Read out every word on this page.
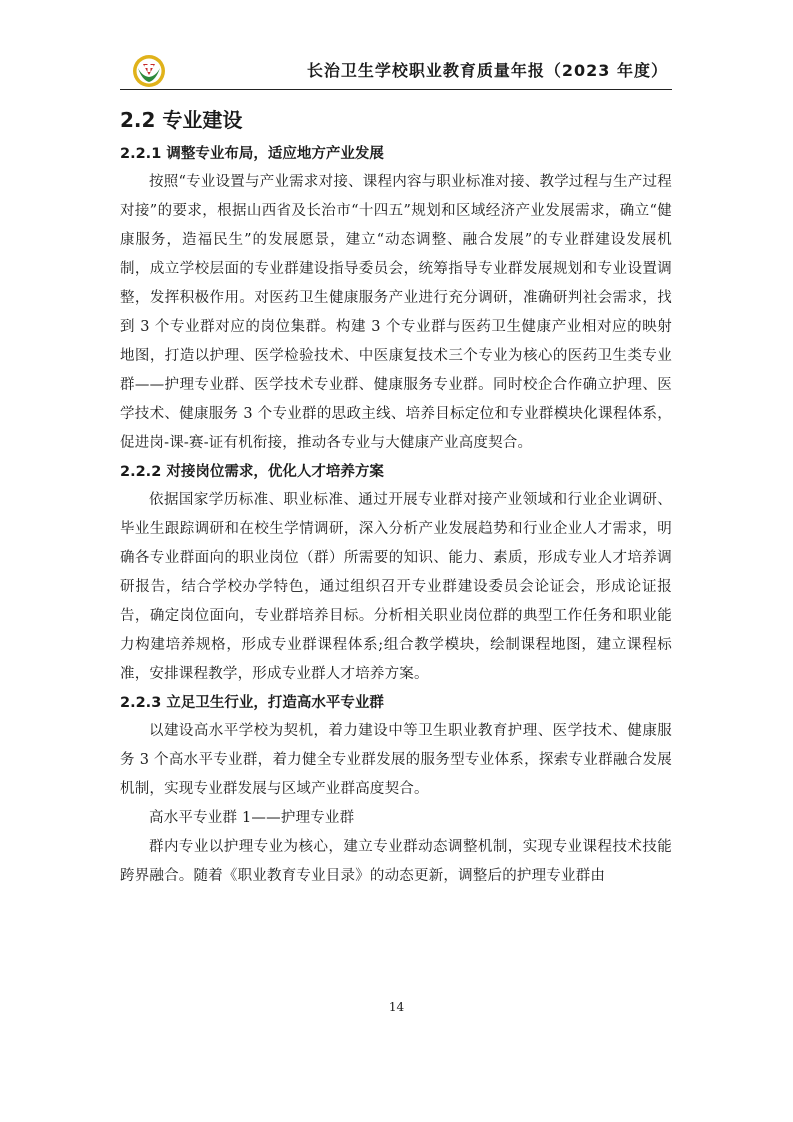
长治卫生学校职业教育质量年报（2023 年度）
2.2 专业建设
2.2.1 调整专业布局，适应地方产业发展

按照“专业设置与产业需求对接、课程内容与职业标准对接、教学过程与生产过程对接”的要求，根据山西省及长治市“十四五”规划和区域经济产业发展需求，确立“健康服务，造福民生”的发展愿景，建立“动态调整、融合发展”的专业群建设发展机制，成立学校层面的专业群建设指导委员会，统筹指导专业群发展规划和专业设置调整，发挥积极作用。对医药卫生健康服务产业进行充分调研，准确研判社会需求，找到 3 个专业群对应的岗位集群。构建 3 个专业群与医药卫生健康产业相对应的映射地图，打造以护理、医学检验技术、中医康复技术三个专业为核心的医药卫生类专业群——护理专业群、医学技术专业群、健康服务专业群。同时校企合作确立护理、医学技术、健康服务 3 个专业群的思政主线、培养目标定位和专业群模块化课程体系，促进岗-课-赛-证有机衔接，推动各专业与大健康产业高度契合。

2.2.2 对接岗位需求，优化人才培养方案

依据国家学历标准、职业标准、通过开展专业群对接产业领域和行业企业调研、毕业生跟踪调研和在校生学情调研，深入分析产业发展趋势和行业企业人才需求，明确各专业群面向的职业岗位（群）所需要的知识、能力、素质，形成专业人才培养调研报告，结合学校办学特色，通过组织召开专业群建设委员会论证会，形成论证报告，确定岗位面向，专业群培养目标。分析相关职业岗位群的典型工作任务和职业能力构建培养规格，形成专业群课程体系;组合教学模块，绘制课程地图，建立课程标准，安排课程教学，形成专业群人才培养方案。

2.2.3 立足卫生行业，打造高水平专业群

以建设高水平学校为契机，着力建设中等卫生职业教育护理、医学技术、健康服务 3 个高水平专业群，着力健全专业群发展的服务型专业体系，探索专业群融合发展机制，实现专业群发展与区域产业群高度契合。

高水平专业群 1——护理专业群

群内专业以护理专业为核心，建立专业群动态调整机制，实现专业课程技术技能跨界融合。随着《职业教育专业目录》的动态更新，调整后的护理专业群由

14
